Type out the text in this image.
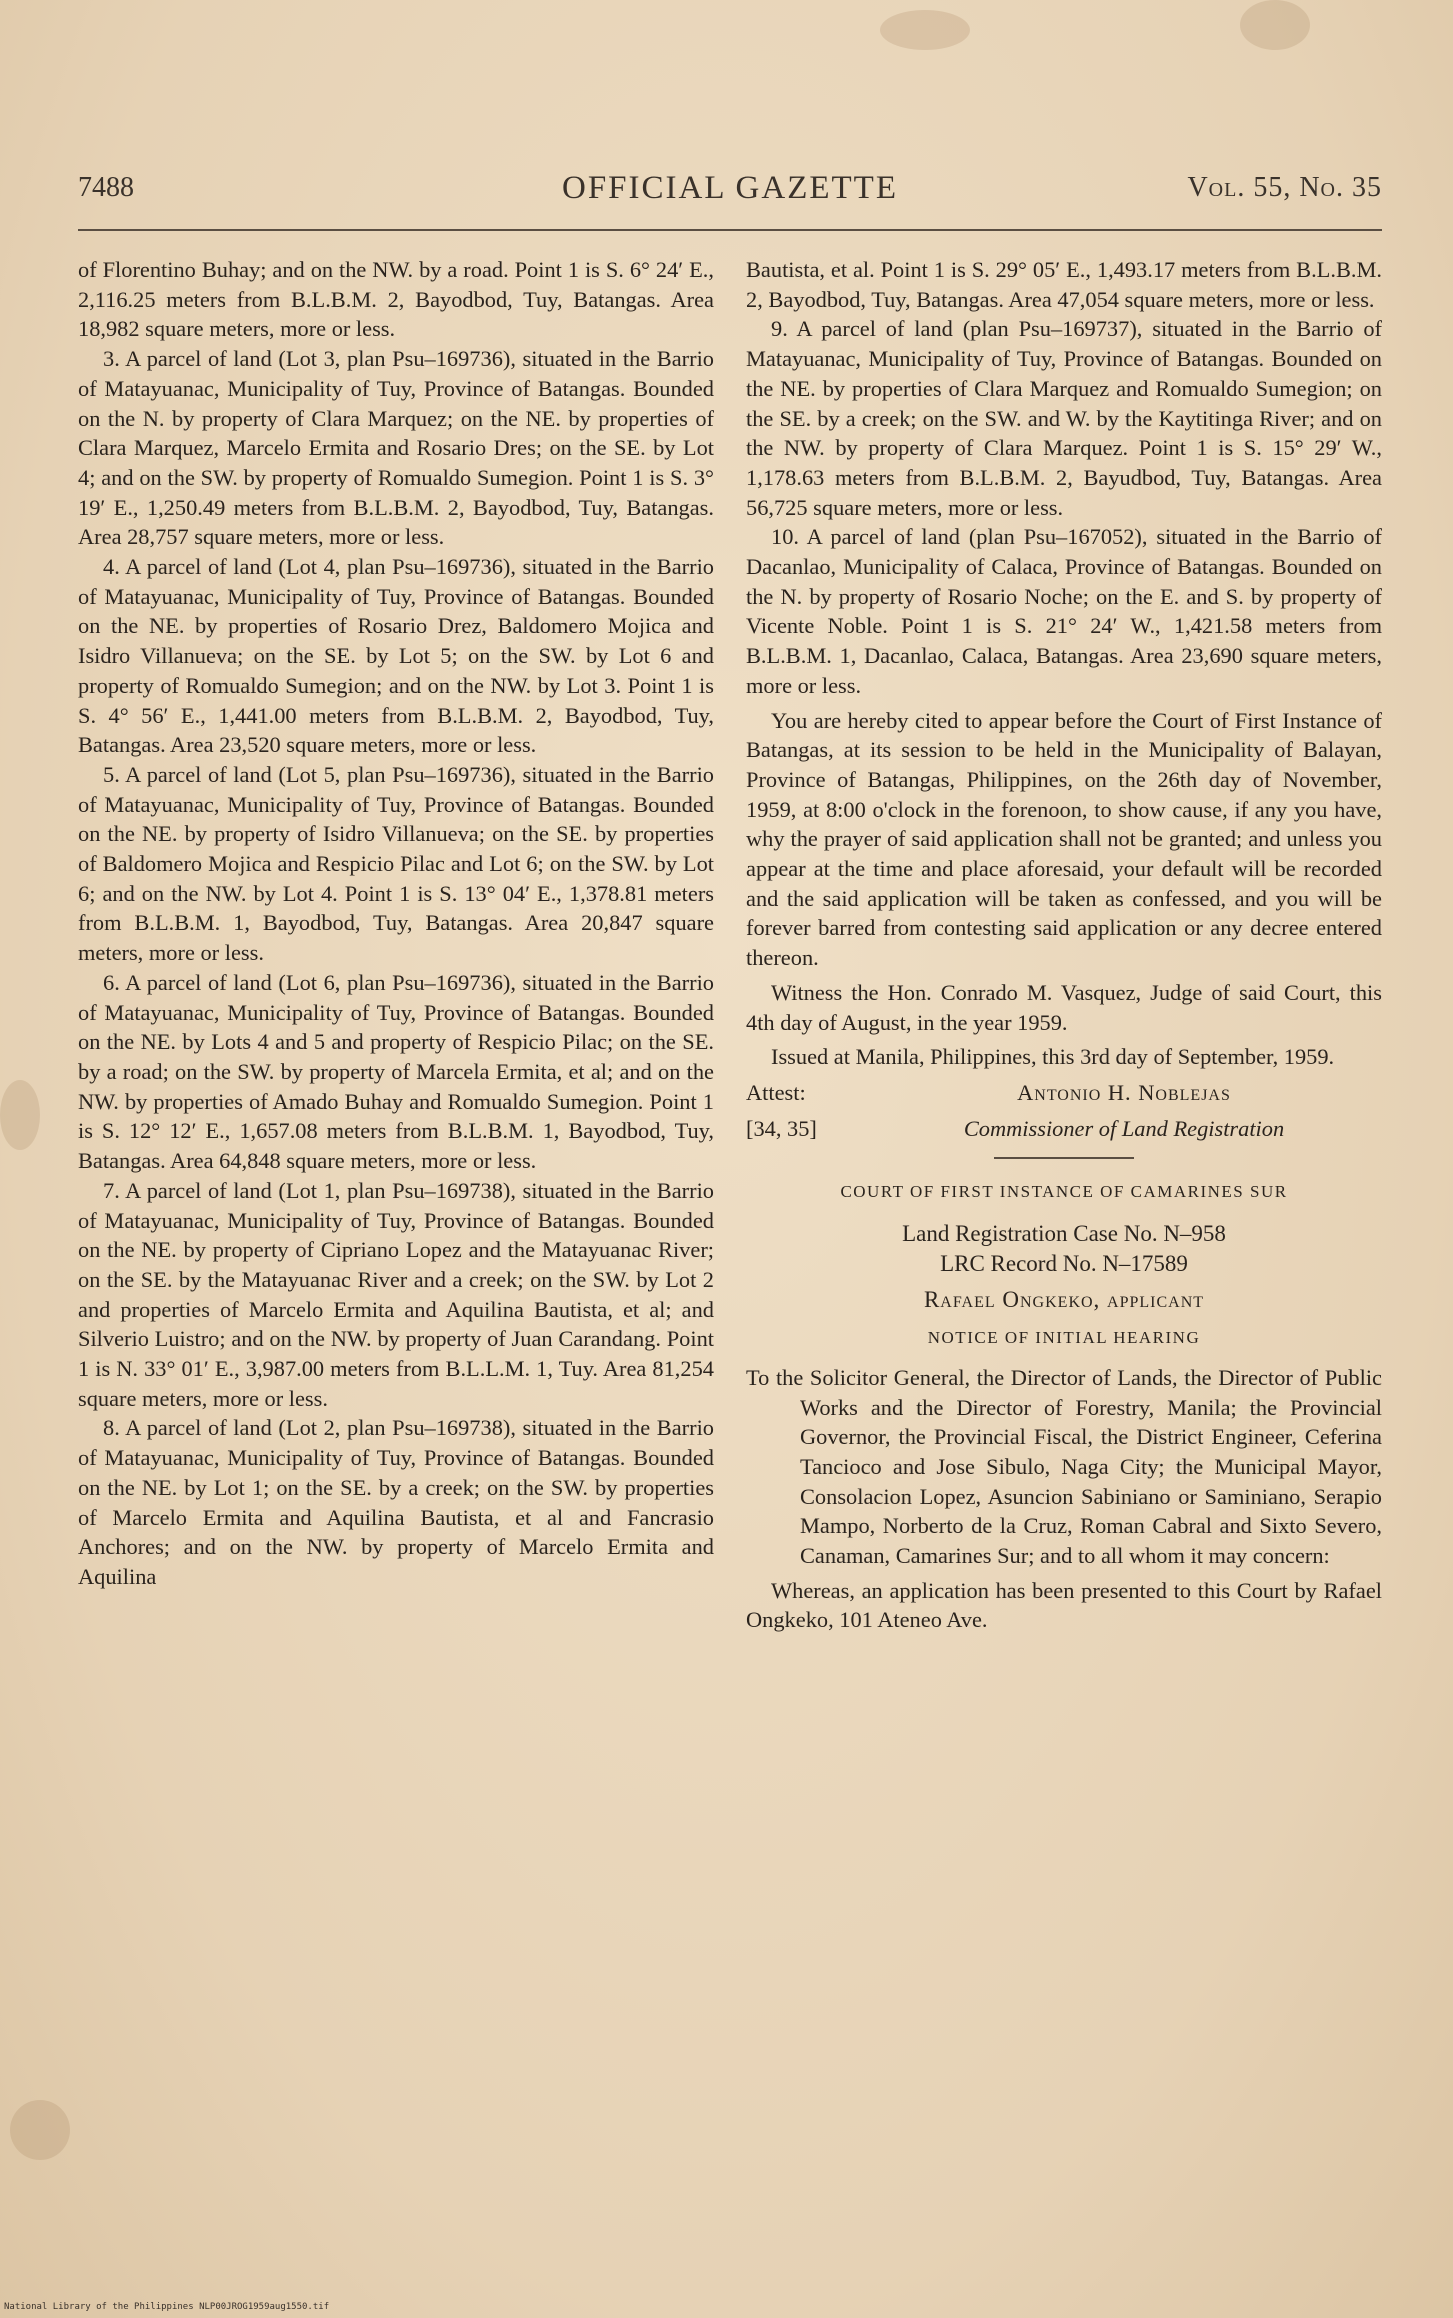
7488	OFFICIAL GAZETTE	Vol. 55, No. 35

of Florentino Buhay; and on the NW. by a road. Point 1 is S. 6° 24′ E., 2,116.25 meters from B.L.B.M. 2, Bayodbod, Tuy, Batangas. Area 18,982 square meters, more or less.

3. A parcel of land (Lot 3, plan Psu–169736), situated in the Barrio of Matayuanac, Municipality of Tuy, Province of Batangas. Bounded on the N. by property of Clara Marquez; on the NE. by properties of Clara Marquez, Marcelo Ermita and Rosario Dres; on the SE. by Lot 4; and on the SW. by property of Romualdo Sumegion. Point 1 is S. 3° 19′ E., 1,250.49 meters from B.L.B.M. 2, Bayodbod, Tuy, Batangas. Area 28,757 square meters, more or less.

4. A parcel of land (Lot 4, plan Psu–169736), situated in the Barrio of Matayuanac, Municipality of Tuy, Province of Batangas. Bounded on the NE. by properties of Rosario Drez, Baldomero Mojica and Isidro Villanueva; on the SE. by Lot 5; on the SW. by Lot 6 and property of Romualdo Sumegion; and on the NW. by Lot 3. Point 1 is S. 4° 56′ E., 1,441.00 meters from B.L.B.M. 2, Bayodbod, Tuy, Batangas. Area 23,520 square meters, more or less.

5. A parcel of land (Lot 5, plan Psu–169736), situated in the Barrio of Matayuanac, Municipality of Tuy, Province of Batangas. Bounded on the NE. by property of Isidro Villanueva; on the SE. by properties of Baldomero Mojica and Respicio Pilac and Lot 6; on the SW. by Lot 6; and on the NW. by Lot 4. Point 1 is S. 13° 04′ E., 1,378.81 meters from B.L.B.M. 1, Bayodbod, Tuy, Batangas. Area 20,847 square meters, more or less.

6. A parcel of land (Lot 6, plan Psu–169736), situated in the Barrio of Matayuanac, Municipality of Tuy, Province of Batangas. Bounded on the NE. by Lots 4 and 5 and property of Respicio Pilac; on the SE. by a road; on the SW. by property of Marcela Ermita, et al; and on the NW. by properties of Amado Buhay and Romualdo Sumegion. Point 1 is S. 12° 12′ E., 1,657.08 meters from B.L.B.M. 1, Bayodbod, Tuy, Batangas. Area 64,848 square meters, more or less.

7. A parcel of land (Lot 1, plan Psu–169738), situated in the Barrio of Matayuanac, Municipality of Tuy, Province of Batangas. Bounded on the NE. by property of Cipriano Lopez and the Matayuanac River; on the SE. by the Matayuanac River and a creek; on the SW. by Lot 2 and properties of Marcelo Ermita and Aquilina Bautista, et al; and Silverio Luistro; and on the NW. by property of Juan Carandang. Point 1 is N. 33° 01′ E., 3,987.00 meters from B.L.L.M. 1, Tuy. Area 81,254 square meters, more or less.

8. A parcel of land (Lot 2, plan Psu–169738), situated in the Barrio of Matayuanac, Municipality of Tuy, Province of Batangas. Bounded on the NE. by Lot 1; on the SE. by a creek; on the SW. by properties of Marcelo Ermita and Aquilina Bautista, et al and Fancrasio Anchores; and on the NW. by property of Marcelo Ermita and Aquilina

Bautista, et al. Point 1 is S. 29° 05′ E., 1,493.17 meters from B.L.B.M. 2, Bayodbod, Tuy, Batangas. Area 47,054 square meters, more or less.

9. A parcel of land (plan Psu–169737), situated in the Barrio of Matayuanac, Municipality of Tuy, Province of Batangas. Bounded on the NE. by properties of Clara Marquez and Romualdo Sumegion; on the SE. by a creek; on the SW. and W. by the Kaytitinga River; and on the NW. by property of Clara Marquez. Point 1 is S. 15° 29′ W., 1,178.63 meters from B.L.B.M. 2, Bayudbod, Tuy, Batangas. Area 56,725 square meters, more or less.

10. A parcel of land (plan Psu–167052), situated in the Barrio of Dacanlao, Municipality of Calaca, Province of Batangas. Bounded on the N. by property of Rosario Noche; on the E. and S. by property of Vicente Noble. Point 1 is S. 21° 24′ W., 1,421.58 meters from B.L.B.M. 1, Dacanlao, Calaca, Batangas. Area 23,690 square meters, more or less.

You are hereby cited to appear before the Court of First Instance of Batangas, at its session to be held in the Municipality of Balayan, Province of Batangas, Philippines, on the 26th day of November, 1959, at 8:00 o'clock in the forenoon, to show cause, if any you have, why the prayer of said application shall not be granted; and unless you appear at the time and place aforesaid, your default will be recorded and the said application will be taken as confessed, and you will be forever barred from contesting said application or any decree entered thereon.

Witness the Hon. Conrado M. Vasquez, Judge of said Court, this 4th day of August, in the year 1959.

Issued at Manila, Philippines, this 3rd day of September, 1959.

Attest:	Antonio H. Noblejas
[34, 35]	Commissioner of Land Registration
COURT OF FIRST INSTANCE OF CAMARINES SUR

Land Registration Case No. N–958

LRC Record No. N–17589

Rafael Ongkeko, applicant

NOTICE OF INITIAL HEARING

To the Solicitor General, the Director of Lands, the Director of Public Works and the Director of Forestry, Manila; the Provincial Governor, the Provincial Fiscal, the District Engineer, Ceferina Tancioco and Jose Sibulo, Naga City; the Municipal Mayor, Consolacion Lopez, Asuncion Sabiniano or Saminiano, Serapio Mampo, Norberto de la Cruz, Roman Cabral and Sixto Severo, Canaman, Camarines Sur; and to all whom it may concern:

Whereas, an application has been presented to this Court by Rafael Ongkeko, 101 Ateneo Ave.

National Library of the Philippines NLP00JROG1959aug1550.tif
